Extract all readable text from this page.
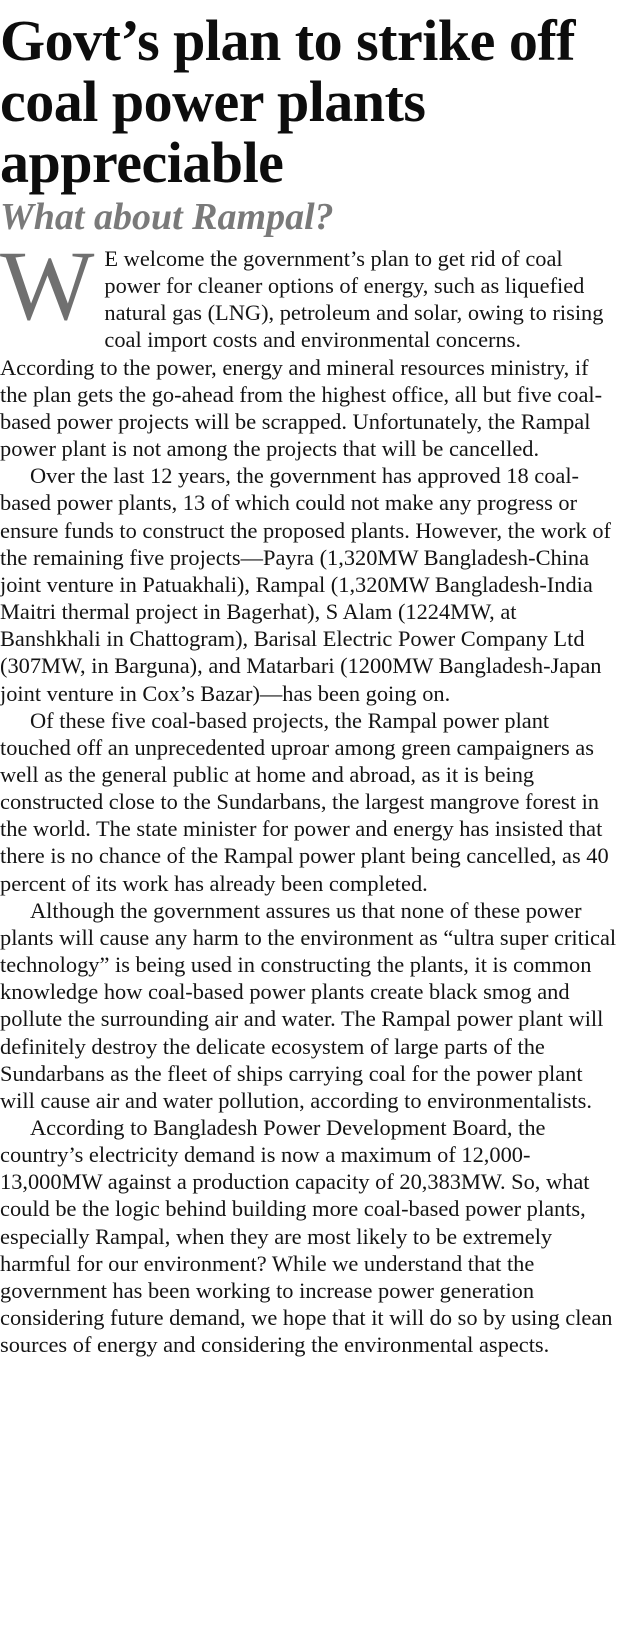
Govt’s plan to strike off coal power plants appreciable
What about Rampal?

W E welcome the government’s plan to get rid of coal power for cleaner options of energy, such as liquefied natural gas (LNG), petroleum and solar, owing to rising coal import costs and environmental concerns. According to the power, energy and mineral resources ministry, if the plan gets the go-ahead from the highest office, all but five coal-based power projects will be scrapped. Unfortunately, the Rampal power plant is not among the projects that will be cancelled.

Over the last 12 years, the government has approved 18 coal-based power plants, 13 of which could not make any progress or ensure funds to construct the proposed plants. However, the work of the remaining five projects—Payra (1,320MW Bangladesh-China joint venture in Patuakhali), Rampal (1,320MW Bangladesh-India Maitri thermal project in Bagerhat), S Alam (1224MW, at Banshkhali in Chattogram), Barisal Electric Power Company Ltd (307MW, in Barguna), and Matarbari (1200MW Bangladesh-Japan joint venture in Cox’s Bazar)—has been going on.

Of these five coal-based projects, the Rampal power plant touched off an unprecedented uproar among green campaigners as well as the general public at home and abroad, as it is being constructed close to the Sundarbans, the largest mangrove forest in the world. The state minister for power and energy has insisted that there is no chance of the Rampal power plant being cancelled, as 40 percent of its work has already been completed.

Although the government assures us that none of these power plants will cause any harm to the environment as “ultra super critical technology” is being used in constructing the plants, it is common knowledge how coal-based power plants create black smog and pollute the surrounding air and water. The Rampal power plant will definitely destroy the delicate ecosystem of large parts of the Sundarbans as the fleet of ships carrying coal for the power plant will cause air and water pollution, according to environmentalists.

According to Bangladesh Power Development Board, the country’s electricity demand is now a maximum of 12,000-13,000MW against a production capacity of 20,383MW. So, what could be the logic behind building more coal-based power plants, especially Rampal, when they are most likely to be extremely harmful for our environment? While we understand that the government has been working to increase power generation considering future demand, we hope that it will do so by using clean sources of energy and considering the environmental aspects.
